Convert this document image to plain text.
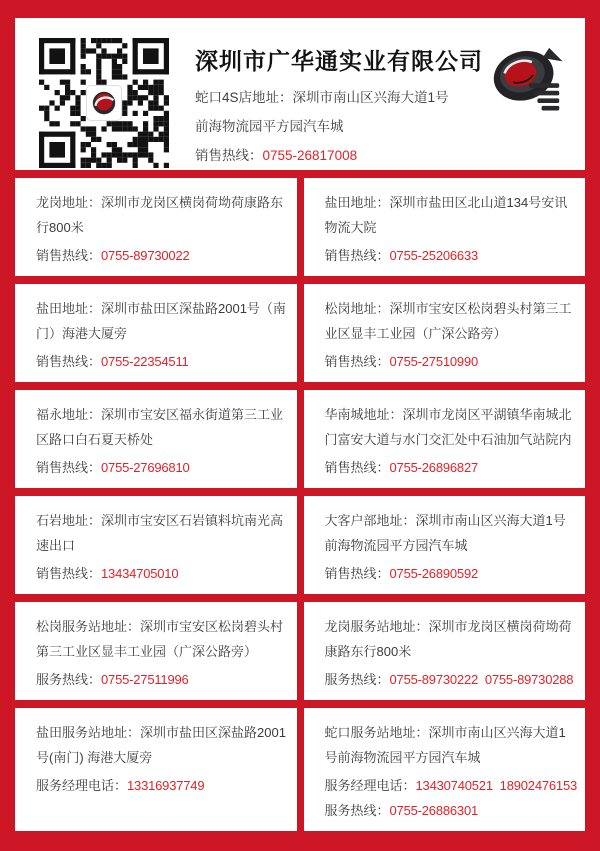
深圳市广华通实业有限公司

蛇口4S店地址：深圳市南山区兴海大道1号

前海物流园平方园汽车城

销售热线：0755-26817008

龙岗地址：深圳市龙岗区横岗荷坳荷康路东行800米

销售热线：0755-89730022

盐田地址：深圳市盐田区北山道134号安讯物流大院

销售热线：0755-25206633

盐田地址：深圳市盐田区深盐路2001号（南门）海港大厦旁

销售热线：0755-22354511

松岗地址：深圳市宝安区松岗碧头村第三工业区显丰工业园（广深公路旁）

销售热线：0755-27510990

福永地址：深圳市宝安区福永街道第三工业区路口白石夏天桥处

销售热线：0755-27696810

华南城地址：深圳市龙岗区平湖镇华南城北门富安大道与水门交汇处中石油加气站院内

销售热线：0755-26896827

石岩地址：深圳市宝安区石岩镇料坑南光高速出口

销售热线：13434705010

大客户部地址：深圳市南山区兴海大道1号前海物流园平方园汽车城

销售热线：0755-26890592

松岗服务站地址：深圳市宝安区松岗碧头村第三工业区显丰工业园（广深公路旁）

服务热线：0755-27511996

龙岗服务站地址：深圳市龙岗区横岗荷坳荷康路东行800米

服务热线：0755-89730222  0755-89730288

盐田服务站地址：深圳市盐田区深盐路2001号(南门) 海港大厦旁

服务经理电话：13316937749

蛇口服务站地址：深圳市南山区兴海大道1号前海物流园平方园汽车城

服务经理电话：13430740521  18902476153

服务热线：0755-26886301
